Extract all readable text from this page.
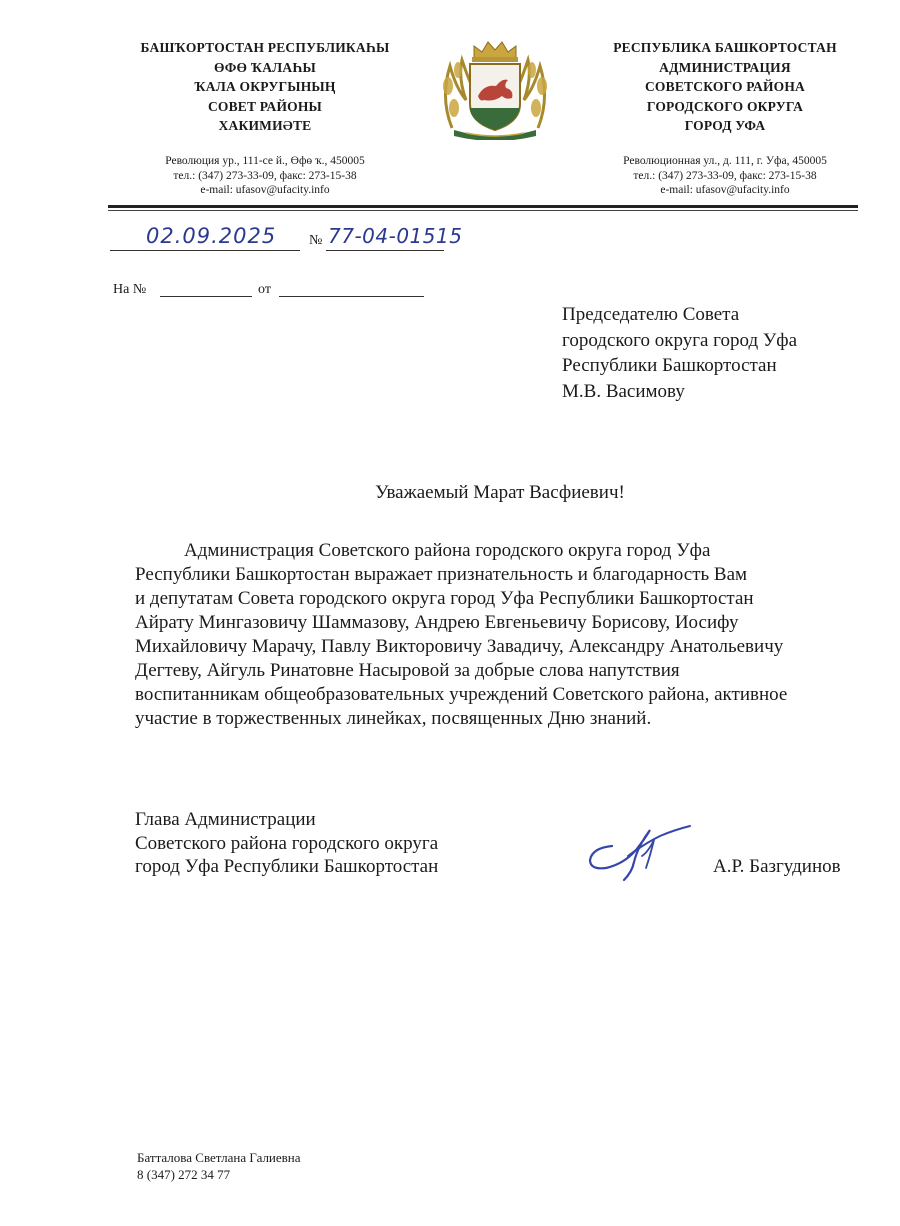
БАШҠОРТОСТАН РЕСПУБЛИКАҺЫ
ӨФӨ ҠАЛАҺЫ
ҠАЛА ОКРУГЫНЫҢ
СОВЕТ РАЙОНЫ
ХАКИМИӘТЕ
Революция ур., 111-се й., Өфө ҡ., 450005
тел.: (347) 273-33-09, факс: 273-15-38
e-mail: ufasov@ufacity.info
РЕСПУБЛИКА БАШКОРТОСТАН
АДМИНИСТРАЦИЯ
СОВЕТСКОГО РАЙОНА
ГОРОДСКОГО ОКРУГА
ГОРОД УФА
Революционная ул., д. 111, г. Уфа, 450005
тел.: (347) 273-33-09, факс: 273-15-38
e-mail: ufasov@ufacity.info
02.09.2025 № 77-04-01515
На №	от
Председателю Совета
городского округа город Уфа
Республики Башкортостан
М.В. Васимову
Уважаемый Марат Васфиевич!
Администрация Советского района городского округа город Уфа
Республики Башкортостан выражает признательность и благодарность Вам
и депутатам Совета городского округа город Уфа Республики Башкортостан
Айрату Мингазовичу Шаммазову, Андрею Евгеньевичу Борисову, Иосифу
Михайловичу Марачу, Павлу Викторовичу Завадичу, Александру Анатольевичу
Дегтеву, Айгуль Ринатовне Насыровой за добрые слова напутствия
воспитанникам общеобразовательных учреждений Советского района, активное
участие в торжественных линейках, посвященных Дню знаний.
Глава Администрации
Советского района городского округа
город Уфа Республики Башкортостан	А.Р. Базгудинов
Батталова Светлана Галиевна
8 (347) 272 34 77
